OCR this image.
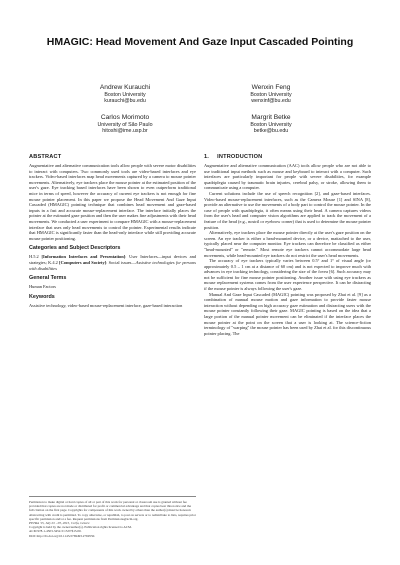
HMAGIC: Head Movement And Gaze Input Cascaded Pointing
Andrew Kurauchi
Boston University
kurauchi@bu.edu
Wenxin Feng
Boston University
wenxinf@bu.edu
Carlos Morimoto
University of São Paulo
hitoshi@ime.usp.br
Margrit Betke
Boston University
betke@bu.edu
ABSTRACT

Augmentative and alternative communication tools allow people with severe motor disabilities to interact with computers. Two commonly used tools are video-based interfaces and eye trackers. Video-based interfaces map head movements captured by a camera to mouse pointer movements. Alternatively, eye trackers place the mouse pointer at the estimated position of the user's gaze. Eye tracking based interfaces have been shown to even outperform traditional mice in terms of speed, however the accuracy of current eye trackers is not enough for fine mouse pointer placement. In this paper we propose the Head Movement And Gaze Input Cascaded (HMAGIC) pointing technique that combines head movement and gaze-based inputs in a fast and accurate mouse-replacement interface. The interface initially places the pointer at the estimated gaze position and then the user makes fine adjustments with their head movements. We conducted a user experiment to compare HMAGIC with a mouse-replacement interface that uses only head movements to control the pointer. Experimental results indicate that HMAGIC is significantly faster than the head-only interface while still providing accurate mouse pointer positioning.

Categories and Subject Descriptors

H.5.2 [Information Interfaces and Presentation]: User Interfaces—input devices and strategies; K.4.2 [Computers and Society]: Social issues—Assistive technologies for persons with disabilities

General Terms

Human Factors

Keywords

Assistive technology, video-based mouse-replacement interface, gaze-based interaction

Permission to make digital or hard copies of all or part of this work for personal or classroom use is granted without fee provided that copies are not made or distributed for profit or commercial advantage and that copies bear this notice and the full citation on the first page. Copyrights for components of this work owned by others than the author(s) must be honored. Abstracting with credit is permitted. To copy otherwise, or republish, to post on servers or to redistribute to lists, requires prior specific permission and/or a fee. Request permissions from Permissions@acm.org.

PETRA '15, July 01 - 03, 2015, Corfu, Greece

Copyright is held by the owner/author(s). Publication rights licensed to ACM.

ACM 978-1-4503-3452-5/15/07$15.00.

DOI: http://dx.doi.org/10.1145/2769493.2769550.

1. INTRODUCTION

Augmentative and alternative communication (AAC) tools allow people who are not able to use traditional input methods such as mouse and keyboard to interact with a computer. Such interfaces are particularly important for people with severe disabilities, for example quadriplegia caused by traumatic brain injuries, cerebral palsy, or stroke, allowing them to communicate using a computer.

Current solutions include the use of speech recognition [2], and gaze-based interfaces. Video-based mouse-replacement interfaces, such as the Camera Mouse [1] and SINA [8], provide an alternative to use the movements of a body part to control the mouse pointer. In the case of people with quadriplegia, it often means using their head. A camera captures videos from the user's head and computer vision algorithms are applied to track the movement of a feature of the head (e.g., nostril or eyebrow corner) that is used to determine the mouse pointer position.

Alternatively, eye trackers place the mouse pointer directly at the user's gaze position on the screen. An eye tracker is either a head-mounted device, or a device, mattached to the user, typically placed near the computer monitor. Eye trackers can therefore be classified as either "head-mounted" or "remote." Most remote eye trackers cannot accommodate large head movements, while head-mounted eye trackers do not restrict the user's head movements.

The accuracy of eye trackers typically varies between 0.5° and 1° of visual angle (or approximately 0.5 – 1 cm at a distance of 60 cm) and is not expected to improve much with advances in eye tracking technology, considering the size of the fovea [6]. Such accuracy may not be sufficient for fine mouse pointer positioning. Another issue with using eye trackers as mouse replacement systems comes from the user experience perspective. It can be distracting if the mouse pointer is always following the user's gaze.

Manual And Gaze Input Cascaded (MAGIC) pointing was proposed by Zhai et al. [9] as a combination of manual mouse motion and gaze information to provide faster mouse interaction without depending on high accuracy gaze estimation and distracting users with the mouse pointer constantly following their gaze. MAGIC pointing is based on the idea that a large portion of the manual pointer movement can be eliminated if the interface places the mouse pointer at the point on the screen that a user is looking at. The science-fiction terminology of "warping" the mouse pointer has been used by Zhai et al. for this discontinuous pointer placing. The
